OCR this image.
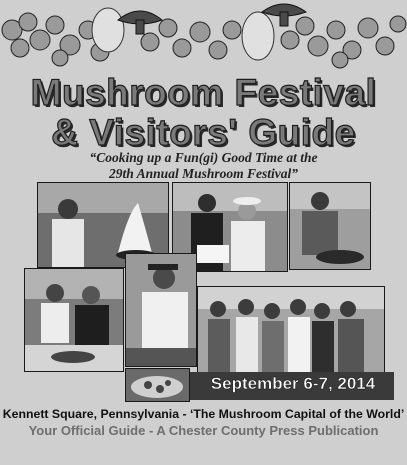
Mushroom Festival
& Visitors' Guide
“Cooking up a Fun(gi) Good Time at the
29th Annual Mushroom Festival”
September 6-7, 2014
Kennett Square, Pennsylvania - ‘The Mushroom Capital of the World’
Your Official Guide - A Chester County Press Publication
